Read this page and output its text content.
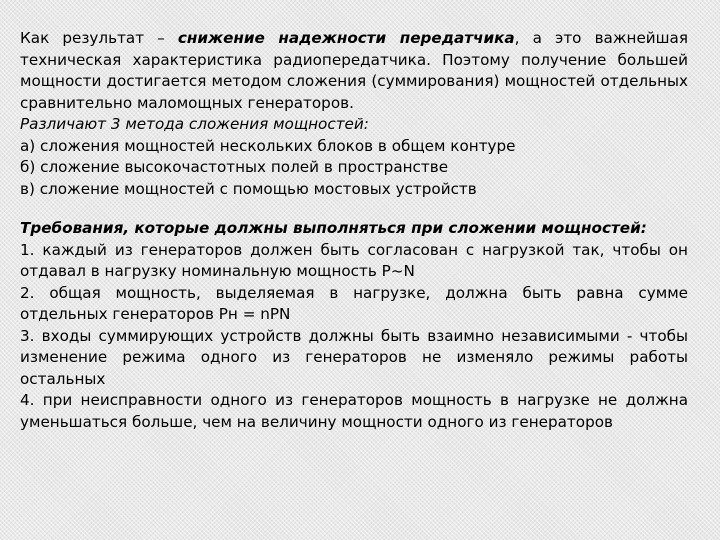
Как результат – снижение надежности передатчика, а это важнейшая техническая характеристика радиопередатчика. Поэтому получение большей мощности достигается методом сложения (суммирования) мощностей отдельных сравнительно маломощных генераторов.

Различают 3 метода сложения мощностей:

а) сложения мощностей нескольких блоков в общем контуре

б) сложение высокочастотных полей в пространстве

в) сложение мощностей с помощью мостовых устройств

Требования, которые должны выполняться при сложении мощностей:

1. каждый из генераторов должен быть согласован с нагрузкой так, чтобы он отдавал в нагрузку номинальную мощность P~N

2. общая мощность, выделяемая в нагрузке, должна быть равна сумме отдельных генераторов Pн = nPN

3. входы суммирующих устройств должны быть взаимно независимыми - чтобы изменение режима одного из генераторов не изменяло режимы работы остальных

4. при неисправности одного из генераторов мощность в нагрузке не должна уменьшаться больше, чем на величину мощности одного из генераторов
